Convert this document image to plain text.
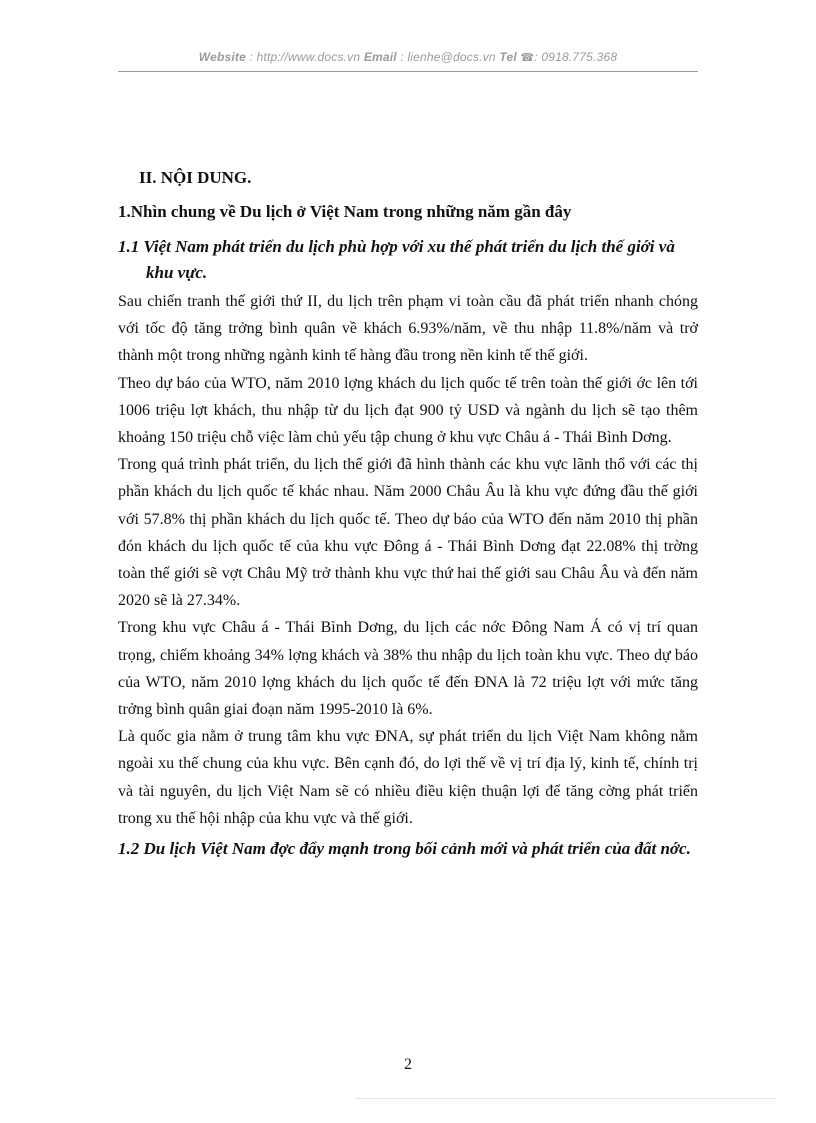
Website : http://www.docs.vn Email : lienhe@docs.vn Tel ☎: 0918.775.368
II. NỘI DUNG.
1.Nhìn chung về Du lịch ở Việt Nam trong những năm gần đây
1.1 Việt Nam phát triển du lịch phù hợp với xu thế phát triển du lịch thế giới và khu vực.

Sau chiến tranh thế giới thứ II, du lịch trên phạm vi toàn cầu đã phát triển nhanh chóng với tốc độ tăng trởng bình quân về khách 6.93%/năm, về thu nhập 11.8%/năm và trở thành một trong những ngành kinh tế hàng đầu trong nền kinh tế thế giới.

Theo dự báo của WTO, năm 2010 lợng khách du lịch quốc tế trên toàn thế giới ớc lên tới 1006 triệu lợt khách, thu nhập từ du lịch đạt 900 tỷ USD và ngành du lịch sẽ tạo thêm khoảng 150 triệu chỗ việc làm chủ yếu tập chung ở khu vực Châu á - Thái Bình Dơng.

Trong quá trình phát triển, du lịch thế giới đã hình thành các khu vực lãnh thổ với các thị phần khách du lịch quốc tế khác nhau. Năm 2000 Châu Âu là khu vực đứng đầu thế giới với 57.8% thị phần khách du lịch quốc tế. Theo dự báo của WTO đến năm 2010 thị phần đón khách du lịch quốc tế của khu vực Đông á - Thái Bình Dơng đạt 22.08% thị trờng toàn thế giới sẽ vợt Châu Mỹ trở thành khu vực thứ hai thế giới sau Châu Âu và đến năm 2020 sẽ là 27.34%.

Trong khu vực Châu á - Thái Bình Dơng, du lịch các nớc Đông Nam Á có vị trí quan trọng, chiếm khoảng 34% lợng khách và 38% thu nhập du lịch toàn khu vực. Theo dự báo của WTO, năm 2010 lợng khách du lịch quốc tế đến ĐNA là 72 triệu lợt với mức tăng trởng bình quân giai đoạn năm 1995-2010 là 6%.

Là quốc gia nằm ở trung tâm khu vực ĐNA, sự phát triển du lịch Việt Nam không nằm ngoài xu thế chung của khu vực. Bên cạnh đó, do lợi thế về vị trí địa lý, kinh tế, chính trị và tài nguyên, du lịch Việt Nam sẽ có nhiều điều kiện thuận lợi để tăng cờng phát triển trong xu thế hội nhập của khu vực và thế giới.

1.2 Du lịch Việt Nam đợc đẩy mạnh trong bối cảnh mới và phát triển của đất nớc.
2
